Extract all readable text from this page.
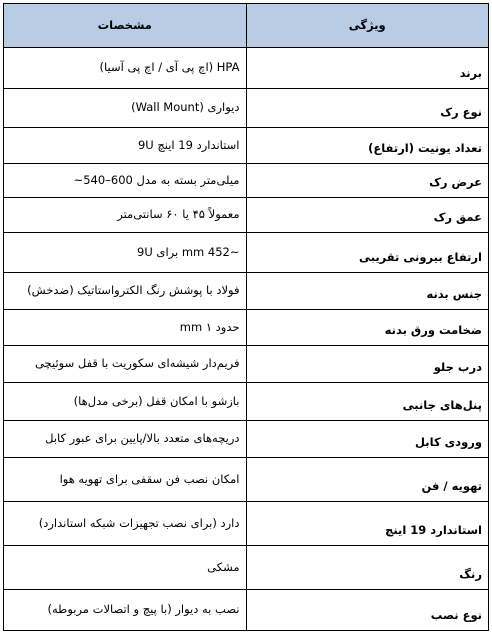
ویژگی	مشخصات
برند	HPA (اچ پی آی / اچ پی آسیا)
نوع رک	دیواری (Wall Mount)
تعداد یونیت (ارتفاع)	استاندارد 19 اینچ 9U
عرض رک	میلی‌متر بسته به مدل 600–540~
عمق رک	معمولاً ۴۵ یا ۶۰ سانتی‌متر
ارتفاع بیرونی تقریبی	~452 mm برای 9U
جنس بدنه	فولاد با پوشش رنگ الکترواستاتیک (ضدخش)
ضخامت ورق بدنه	حدود ۱ mm
درب جلو	فریم‌دار شیشه‌ای سکوریت با قفل سوئیچی
پنل‌های جانبی	بازشو با امکان قفل (برخی مدل‌ها)
ورودی کابل	دریچه‌های متعدد بالا/پایین برای عبور کابل
تهویه / فن	امکان نصب فن سقفی برای تهویه هوا
استاندارد 19 اینچ	دارد (برای نصب تجهیزات شبکه استاندارد)
رنگ	مشکی
نوع نصب	نصب به دیوار (با پیچ و اتصالات مربوطه)
